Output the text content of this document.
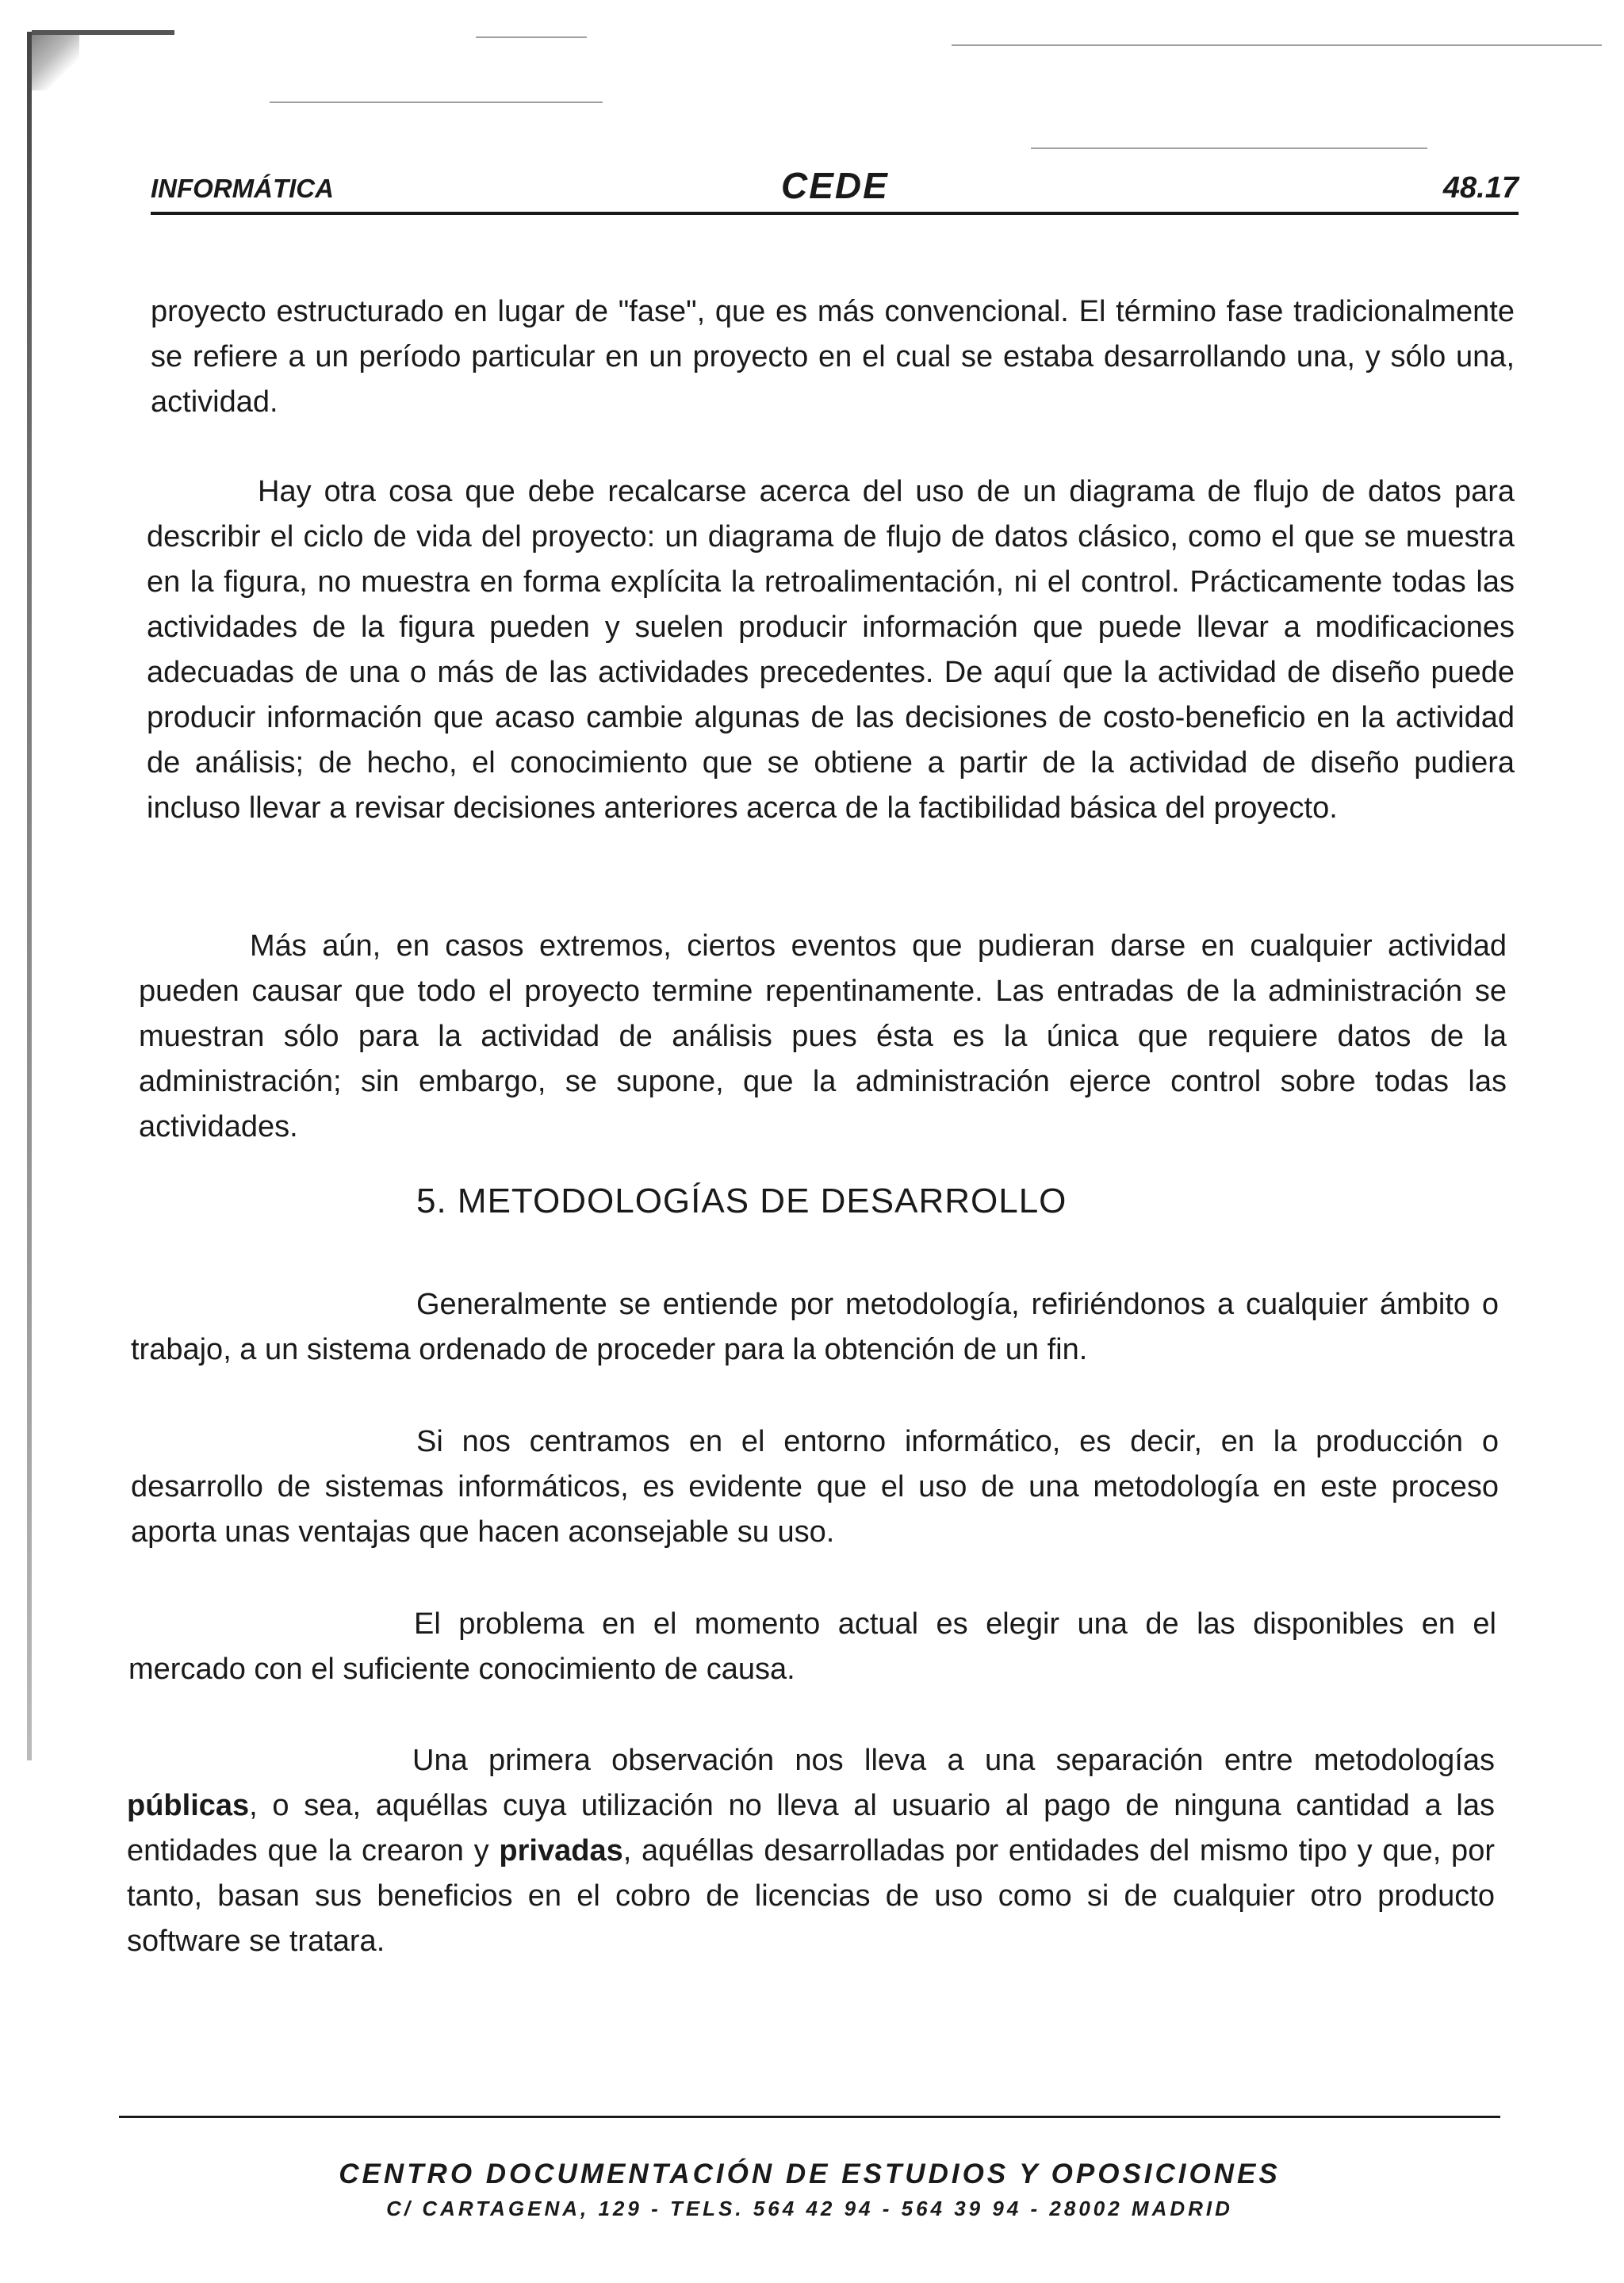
INFORMÁTICA	CEDE	48.17

proyecto estructurado en lugar de "fase", que es más convencional. El término fase tradicionalmente se refiere a un período particular en un proyecto en el cual se estaba desarrollando una, y sólo una, actividad.

Hay otra cosa que debe recalcarse acerca del uso de un diagrama de flujo de datos para describir el ciclo de vida del proyecto: un diagrama de flujo de datos clásico, como el que se muestra en la figura, no muestra en forma explícita la retroalimentación, ni el control. Prácticamente todas las actividades de la figura pueden y suelen producir información que puede llevar a modificaciones adecuadas de una o más de las actividades precedentes. De aquí que la actividad de diseño puede producir información que acaso cambie algunas de las decisiones de costo-beneficio en la actividad de análisis; de hecho, el conocimiento que se obtiene a partir de la actividad de diseño pudiera incluso llevar a revisar decisiones anteriores acerca de la factibilidad básica del proyecto.

Más aún, en casos extremos, ciertos eventos que pudieran darse en cualquier actividad pueden causar que todo el proyecto termine repentinamente. Las entradas de la administración se muestran sólo para la actividad de análisis pues ésta es la única que requiere datos de la administración; sin embargo, se supone, que la administración ejerce control sobre todas las actividades.

5. METODOLOGÍAS DE DESARROLLO

Generalmente se entiende por metodología, refiriéndonos a cualquier ámbito o trabajo, a un sistema ordenado de proceder para la obtención de un fin.

Si nos centramos en el entorno informático, es decir, en la producción o desarrollo de sistemas informáticos, es evidente que el uso de una metodología en este proceso aporta unas ventajas que hacen aconsejable su uso.

El problema en el momento actual es elegir una de las disponibles en el mercado con el suficiente conocimiento de causa.

Una primera observación nos lleva a una separación entre metodologías públicas, o sea, aquéllas cuya utilización no lleva al usuario al pago de ninguna cantidad a las entidades que la crearon y privadas, aquéllas desarrolladas por entidades del mismo tipo y que, por tanto, basan sus beneficios en el cobro de licencias de uso como si de cualquier otro producto software se tratara.

CENTRO DOCUMENTACIÓN DE ESTUDIOS Y OPOSICIONES
C/ CARTAGENA, 129 - TELS. 564 42 94 - 564 39 94 - 28002 MADRID
